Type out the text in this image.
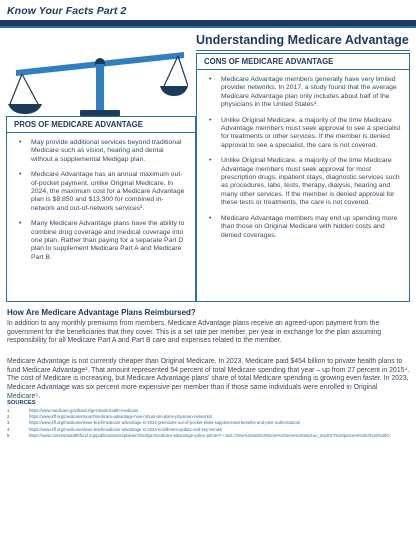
Know Your Facts Part 2
Understanding Medicare Advantage
CONS OF MEDICARE ADVANTAGE
• Medicare Advantage members generally have very limited provider networks. In 2017, a study found that the average Medicare Advantage plan only includes about half of the physicians in the United States¹.
• Unlike Original Medicare, a majority of the time Medicare Advantage members must seek approval to see a specialist for treatments or other services. If the member is denied approval to see a specialist, the care is not covered.
• Unlike Original Medicare, a majority of the time Medicare Advantage members must seek approval for most prescription drugs, inpatient stays, diagnostic services such as procedures, labs, tests, therapy, dialysis, hearing and many other services. If the member is denied approval for these tests or treatments, the care is not covered.
• Medicare Advantage members may end up spending more than those on Original Medicare with hidden costs and denied coverages.
PROS OF MEDICARE ADVANTAGE
• May provide additional services beyond traditional Medicare such as vision, hearing and dental without a supplemental Medigap plan.
• Medicare Advantage has an annual maximum out-of-pocket payment, unlike Original Medicare. In 2024, the maximum cost for a Medicare Advantage plan is $8,850 and $13,300 for combined in-network and out-of-network services².
• Many Medicare Advantage plans have the ability to combine drug coverage and medical coverage into one plan. Rather than paying for a separate Part D plan to supplement Medicare Part A and Medicare Part B.
How Are Medicare Advantage Plans Reimbursed?
In addition to any monthly premiums from members, Medicare Advantage plans receive an agreed-upon payment from the government for the beneficiaries that they cover. This is a set rate per member, per year in exchange for the plan assuming responsibility for all Medicare Part A and Part B care and expenses related to the member.
Medicare Advantage is not currently cheaper than Original Medicare. In 2023, Medicare paid $454 billion to private health plans to fund Medicare Advantage³. That amount represented 54 percent of total Medicare spending that year – up from 27 percent in 2015⁴. The cost of Medicare is increasing, but Medicare Advantage plans' share of total Medicare spending is growing even faster. In 2023, Medicare Advantage was six percent more expensive per member than if those same individuals were enrolled in Original Medicare⁵.
SOURCES
1.	https://www.medicare.gov/basics/get-started-with-medicare
2.	https://www.kff.org/medicare/report/medicare-advantage-how-robust-are-plans-physician-networks/
3.	https://www.kff.org/medicare/issue-brief/medicare-advantage-in-2024-premiums-out-of-pocket-limits-supplemental-benefits-and-prior-authorization/
4.	https://www.kff.org/medicare/issue-brief/medicare-advantage-in-2024-enrollment-update-and-key-trends/
5.	https://www.commonwealthfund.org/publications/explainer/2024/jan/medicare-advantage-policy-primer#:~:text=Tribe%20and%20more%20more%20stud-ao_a%2017%20percent%20of%20%20O
